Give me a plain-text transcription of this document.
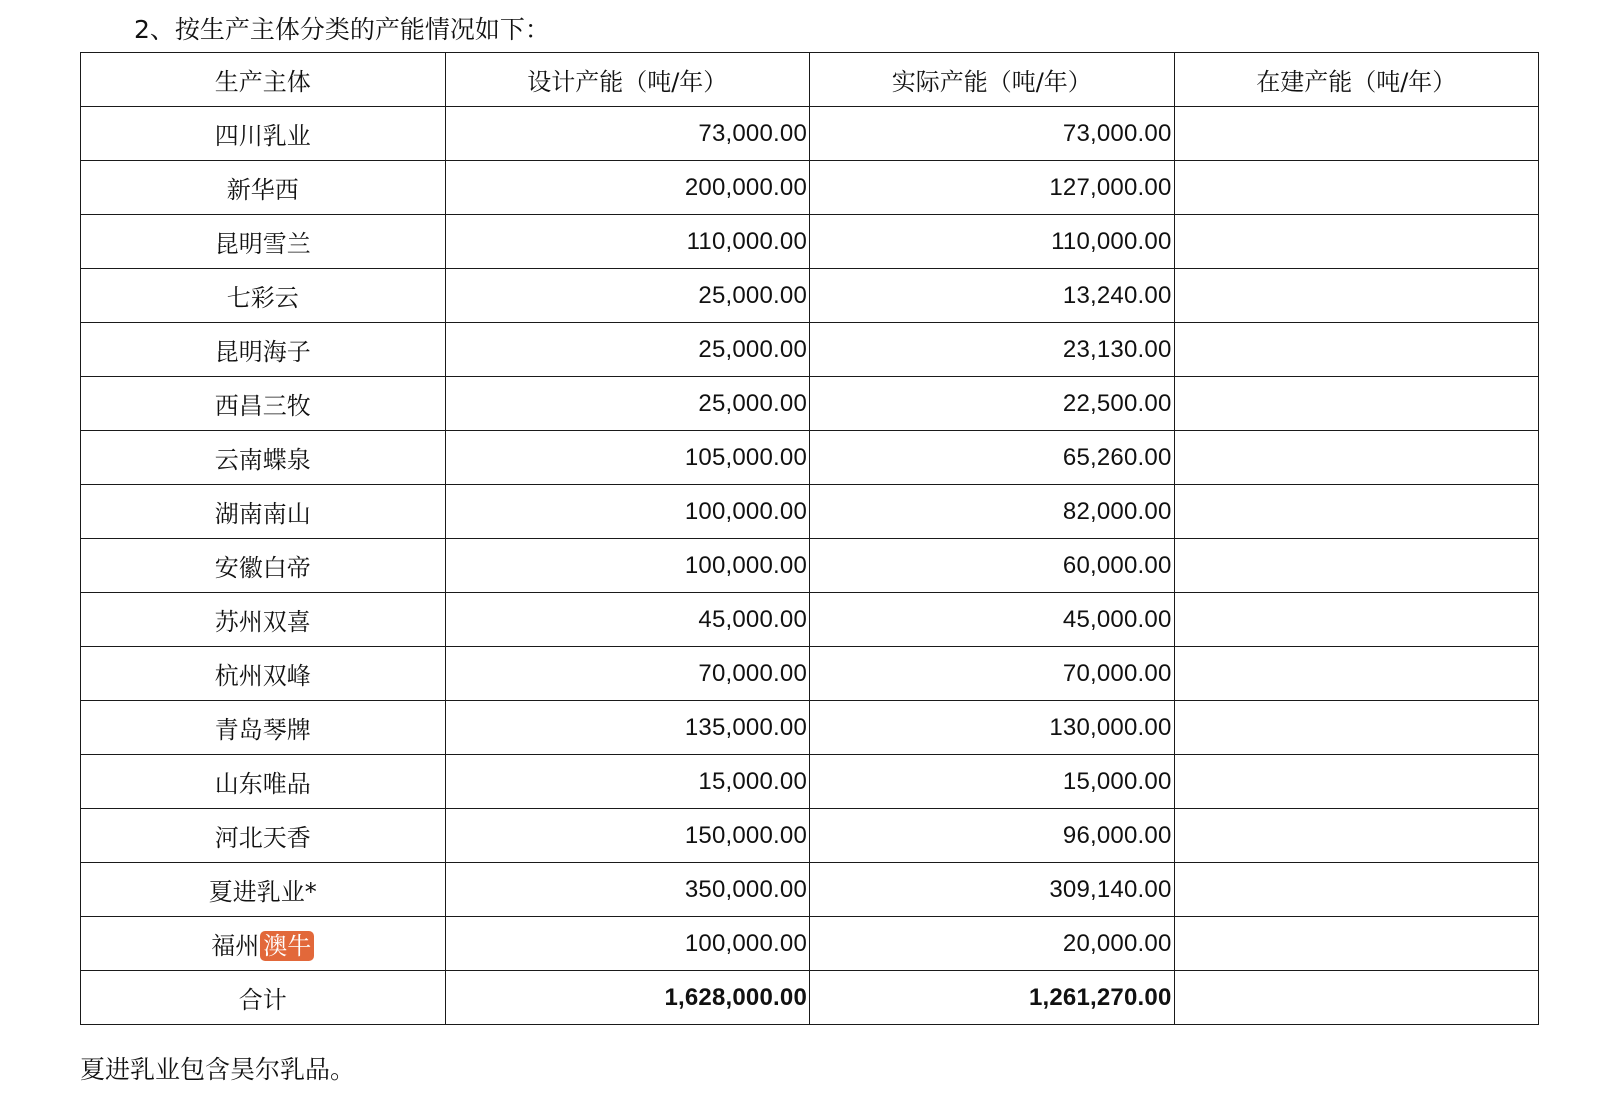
2、按生产主体分类的产能情况如下：
生产主体	设计产能（吨/年）	实际产能（吨/年）	在建产能（吨/年）
四川乳业	73,000.00	73,000.00	
新华西	200,000.00	127,000.00	
昆明雪兰	110,000.00	110,000.00	
七彩云	25,000.00	13,240.00	
昆明海子	25,000.00	23,130.00	
西昌三牧	25,000.00	22,500.00	
云南蝶泉	105,000.00	65,260.00	
湖南南山	100,000.00	82,000.00	
安徽白帝	100,000.00	60,000.00	
苏州双喜	45,000.00	45,000.00	
杭州双峰	70,000.00	70,000.00	
青岛琴牌	135,000.00	130,000.00	
山东唯品	15,000.00	15,000.00	
河北天香	150,000.00	96,000.00	
夏进乳业*	350,000.00	309,140.00	
福州 澳牛	100,000.00	20,000.00	
合计	1,628,000.00	1,261,270.00	
夏进乳业包含昊尔乳品。
